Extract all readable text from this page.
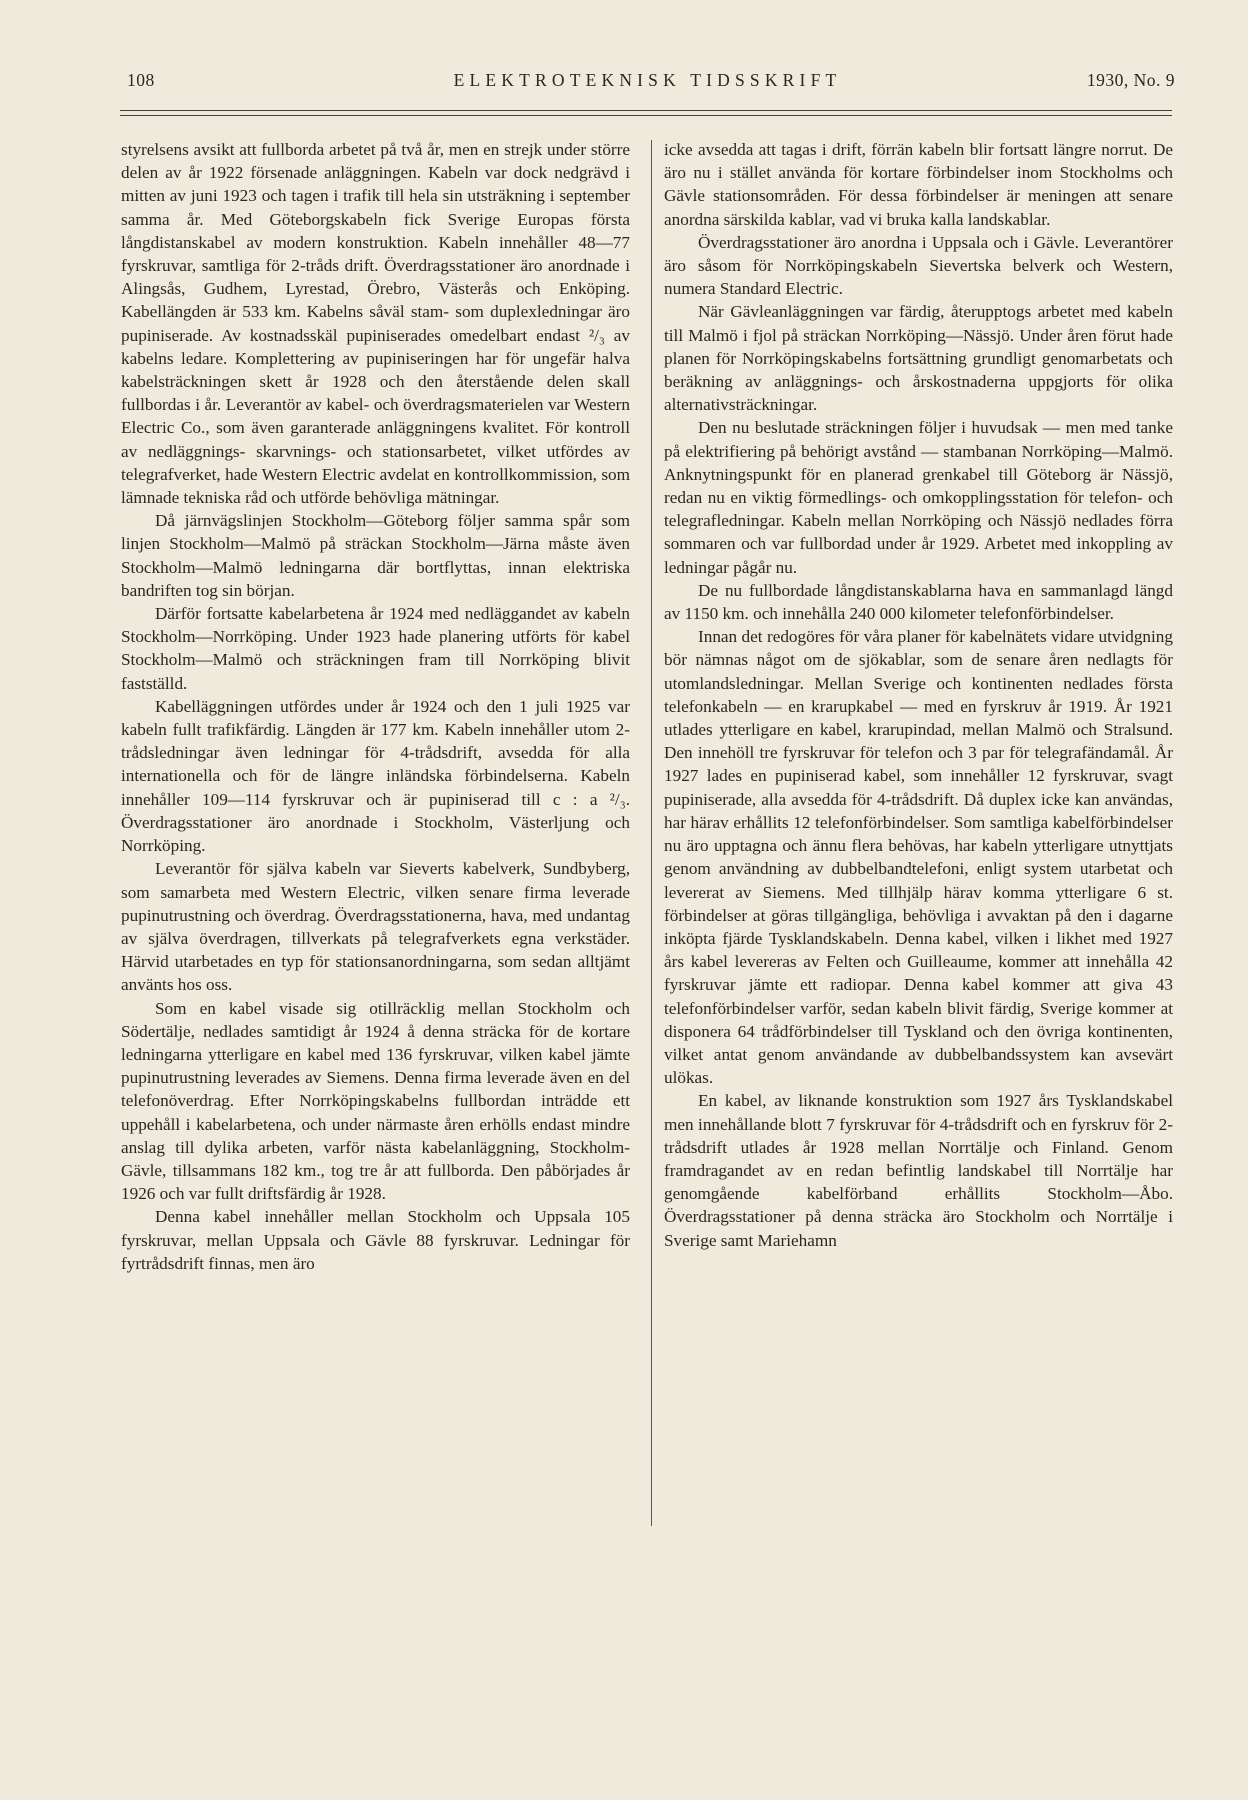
108	ELEKTROTEKNISK TIDSSKRIFT	1930, No. 9

styrelsens avsikt att fullborda arbetet på två år, men en strejk under större delen av år 1922 försenade anläggningen. Kabeln var dock nedgrävd i mitten av juni 1923 och tagen i trafik till hela sin utsträkning i september samma år. Med Göteborgskabeln fick Sverige Europas första långdistanskabel av modern konstruktion. Kabeln innehåller 48—77 fyrskruvar, samtliga för 2-tråds drift. Överdragsstationer äro anordnade i Alingsås, Gudhem, Lyrestad, Örebro, Västerås och Enköping. Kabellängden är 533 km. Kabelns såväl stam- som duplexledningar äro pupiniserade. Av kostnadsskäl pupiniserades omedelbart endast ²/₃ av kabelns ledare. Komplettering av pupiniseringen har för ungefär halva kabelsträckningen skett år 1928 och den återstående delen skall fullbordas i år. Leverantör av kabel- och överdragsmaterielen var Western Electric Co., som även garanterade anläggningens kvalitet. För kontroll av nedläggnings- skarvnings- och stationsarbetet, vilket utfördes av telegrafverket, hade Western Electric avdelat en kontrollkommission, som lämnade tekniska råd och utförde behövliga mätningar.

Då järnvägslinjen Stockholm—Göteborg följer samma spår som linjen Stockholm—Malmö på sträckan Stockholm—Järna måste även Stockholm—Malmö ledningarna där bortflyttas, innan elektriska bandriften tog sin början.

Därför fortsatte kabelarbetena år 1924 med nedläggandet av kabeln Stockholm—Norrköping. Under 1923 hade planering utförts för kabel Stockholm—Malmö och sträckningen fram till Norrköping blivit fastställd.

Kabelläggningen utfördes under år 1924 och den 1 juli 1925 var kabeln fullt trafikfärdig. Längden är 177 km. Kabeln innehåller utom 2-trådsledningar även ledningar för 4-trådsdrift, avsedda för alla internationella och för de längre inländska förbindelserna. Kabeln innehåller 109—114 fyrskruvar och är pupiniserad till c : a ²/₃. Överdragsstationer äro anordnade i Stockholm, Västerljung och Norrköping.

Leverantör för själva kabeln var Sieverts kabelverk, Sundbyberg, som samarbeta med Western Electric, vilken senare firma leverade pupinutrustning och överdrag. Överdragsstationerna, hava, med undantag av själva överdragen, tillverkats på telegrafverkets egna verkstäder. Härvid utarbetades en typ för stationsanordningarna, som sedan alltjämt använts hos oss.

Som en kabel visade sig otillräcklig mellan Stockholm och Södertälje, nedlades samtidigt år 1924 å denna sträcka för de kortare ledningarna ytterligare en kabel med 136 fyrskruvar, vilken kabel jämte pupinutrustning leverades av Siemens. Denna firma leverade även en del telefonöverdrag. Efter Norrköpingskabelns fullbordan inträdde ett uppehåll i kabelarbetena, och under närmaste åren erhölls endast mindre anslag till dylika arbeten, varför nästa kabelanläggning, Stockholm-Gävle, tillsammans 182 km., tog tre år att fullborda. Den påbörjades år 1926 och var fullt driftsfärdig år 1928.

Denna kabel innehåller mellan Stockholm och Uppsala 105 fyrskruvar, mellan Uppsala och Gävle 88 fyrskruvar. Ledningar för fyrtrådsdrift finnas, men äro

icke avsedda att tagas i drift, förrän kabeln blir fortsatt längre norrut. De äro nu i stället använda för kortare förbindelser inom Stockholms och Gävle stationsområden. För dessa förbindelser är meningen att senare anordna särskilda kablar, vad vi bruka kalla landskablar.

Överdragsstationer äro anordna i Uppsala och i Gävle. Leverantörer äro såsom för Norrköpingskabeln Sievertska belverk och Western, numera Standard Electric.

När Gävleanläggningen var färdig, återupptogs arbetet med kabeln till Malmö i fjol på sträckan Norrköping—Nässjö. Under åren förut hade planen för Norrköpingskabelns fortsättning grundligt genomarbetats och beräkning av anläggnings- och årskostnaderna uppgjorts för olika alternativsträckningar.

Den nu beslutade sträckningen följer i huvudsak — men med tanke på elektrifiering på behörigt avstånd — stambanan Norrköping—Malmö. Anknytningspunkt för en planerad grenkabel till Göteborg är Nässjö, redan nu en viktig förmedlings- och omkopplingsstation för telefon- och telegrafledningar. Kabeln mellan Norrköping och Nässjö nedlades förra sommaren och var fullbordad under år 1929. Arbetet med inkoppling av ledningar pågår nu.

De nu fullbordade långdistanskablarna hava en sammanlagd längd av 1150 km. och innehålla 240 000 kilometer telefonförbindelser.

Innan det redogöres för våra planer för kabelnätets vidare utvidgning bör nämnas något om de sjökablar, som de senare åren nedlagts för utomlandsledningar. Mellan Sverige och kontinenten nedlades första telefonkabeln — en krarupkabel — med en fyrskruv år 1919. År 1921 utlades ytterligare en kabel, krarupindad, mellan Malmö och Stralsund. Den innehöll tre fyrskruvar för telefon och 3 par för telegrafändamål. År 1927 lades en pupiniserad kabel, som innehåller 12 fyrskruvar, svagt pupiniserade, alla avsedda för 4-trådsdrift. Då duplex icke kan användas, har härav erhållits 12 telefonförbindelser. Som samtliga kabelförbindelser nu äro upptagna och ännu flera behövas, har kabeln ytterligare utnyttjats genom användning av dubbelbandtelefoni, enligt system utarbetat och levererat av Siemens. Med tillhjälp härav komma ytterligare 6 st. förbindelser at göras tillgängliga, behövliga i avvaktan på den i dagarne inköpta fjärde Tysklandskabeln. Denna kabel, vilken i likhet med 1927 års kabel levereras av Felten och Guilleaume, kommer att innehålla 42 fyrskruvar jämte ett radiopar. Denna kabel kommer att giva 43 telefonförbindelser varför, sedan kabeln blivit färdig, Sverige kommer at disponera 64 trådförbindelser till Tyskland och den övriga kontinenten, vilket antat genom användande av dubbelbandssystem kan avsevärt ulökas.

En kabel, av liknande konstruktion som 1927 års Tysklandskabel men innehållande blott 7 fyrskruvar för 4-trådsdrift och en fyrskruv för 2-trådsdrift utlades år 1928 mellan Norrtälje och Finland. Genom framdragandet av en redan befintlig landskabel till Norrtälje har genomgående kabelförband erhållits Stockholm—Åbo. Överdragsstationer på denna sträcka äro Stockholm och Norrtälje i Sverige samt Mariehamn
